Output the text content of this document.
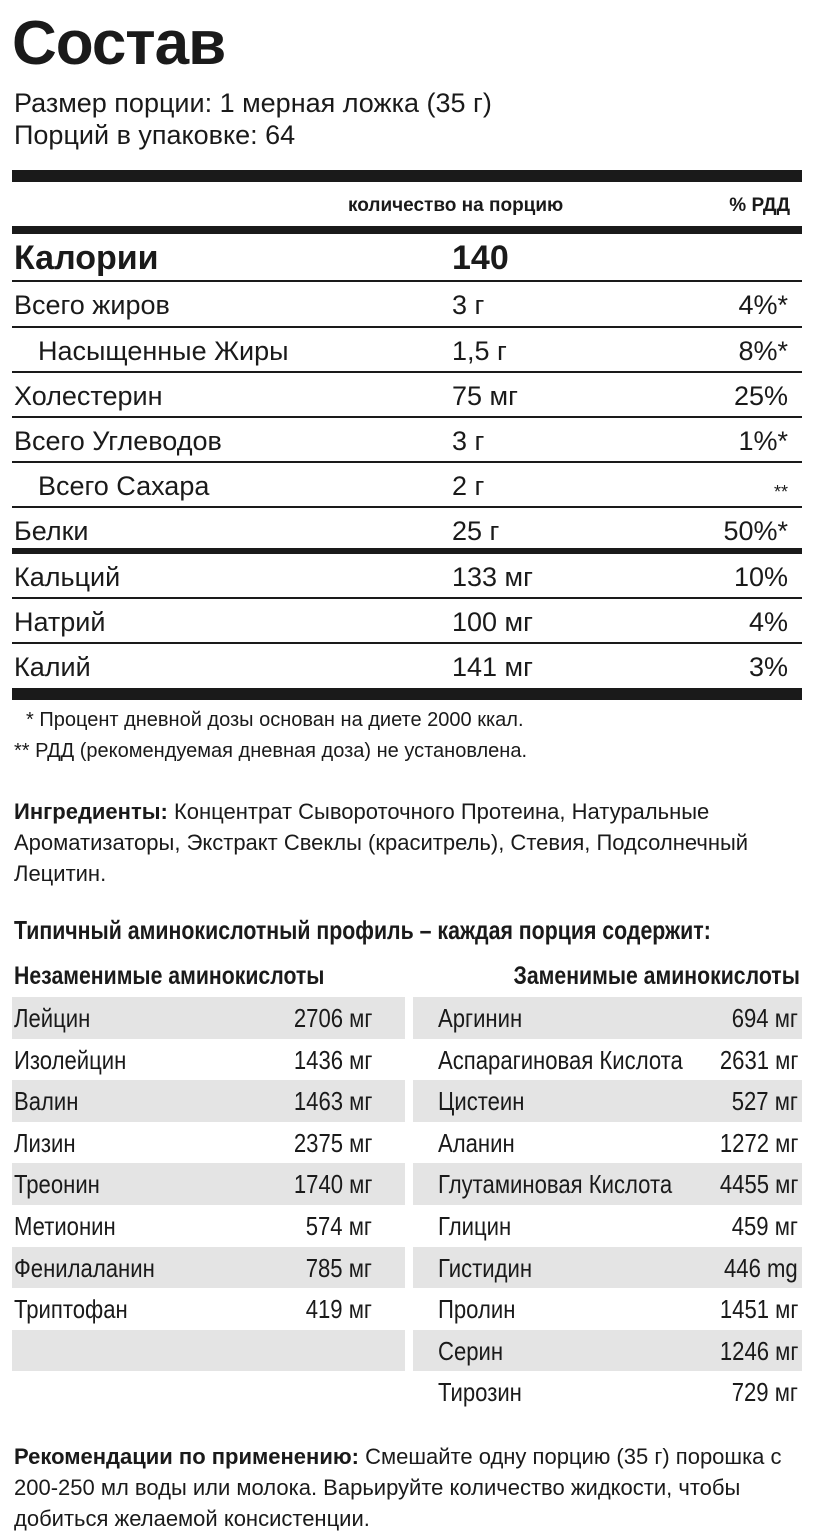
Состав
Размер порции: 1 мерная ложка (35 г)
Порций в упаковке: 64
количество на порцию	% РДД
Калории	140
Всего жиров	3 г	4%*
Насыщенные Жиры	1,5 г	8%*
Холестерин	75 мг	25%
Всего Углеводов	3 г	1%*
Всего Сахара	2 г	**
Белки	25 г	50%*
Кальций	133 мг	10%
Натрий	100 мг	4%
Калий	141 мг	3%
* Процент дневной дозы основан на диете 2000 ккал.
** РДД (рекомендуемая дневная доза) не установлена.
Ингредиенты: Концентрат Сывороточного Протеина, Натуральные Ароматизаторы, Экстракт Свеклы (краситрель), Стевия, Подсолнечный Лецитин.
Типичный аминокислотный профиль – каждая порция содержит:
Незаменимые аминокислоты	Заменимые аминокислоты
Лейцин	2706 мг
Изолейцин	1436 мг
Валин	1463 мг
Лизин	2375 мг
Треонин	1740 мг
Метионин	574 мг
Фенилаланин	785 мг
Триптофан	419 мг
Аргинин	694 мг
Аспарагиновая Кислота 2631 мг
Цистеин	527 мг
Аланин	1272 мг
Глутаминовая Кислота 4455 мг
Глицин	459 мг
Гистидин	446 mg
Пролин	1451 мг
Серин	1246 мг
Тирозин	729 мг
Рекомендации по применению: Смешайте одну порцию (35 г) порошка с 200-250 мл воды или молока. Варьируйте количество жидкости, чтобы добиться желаемой консистенции.
